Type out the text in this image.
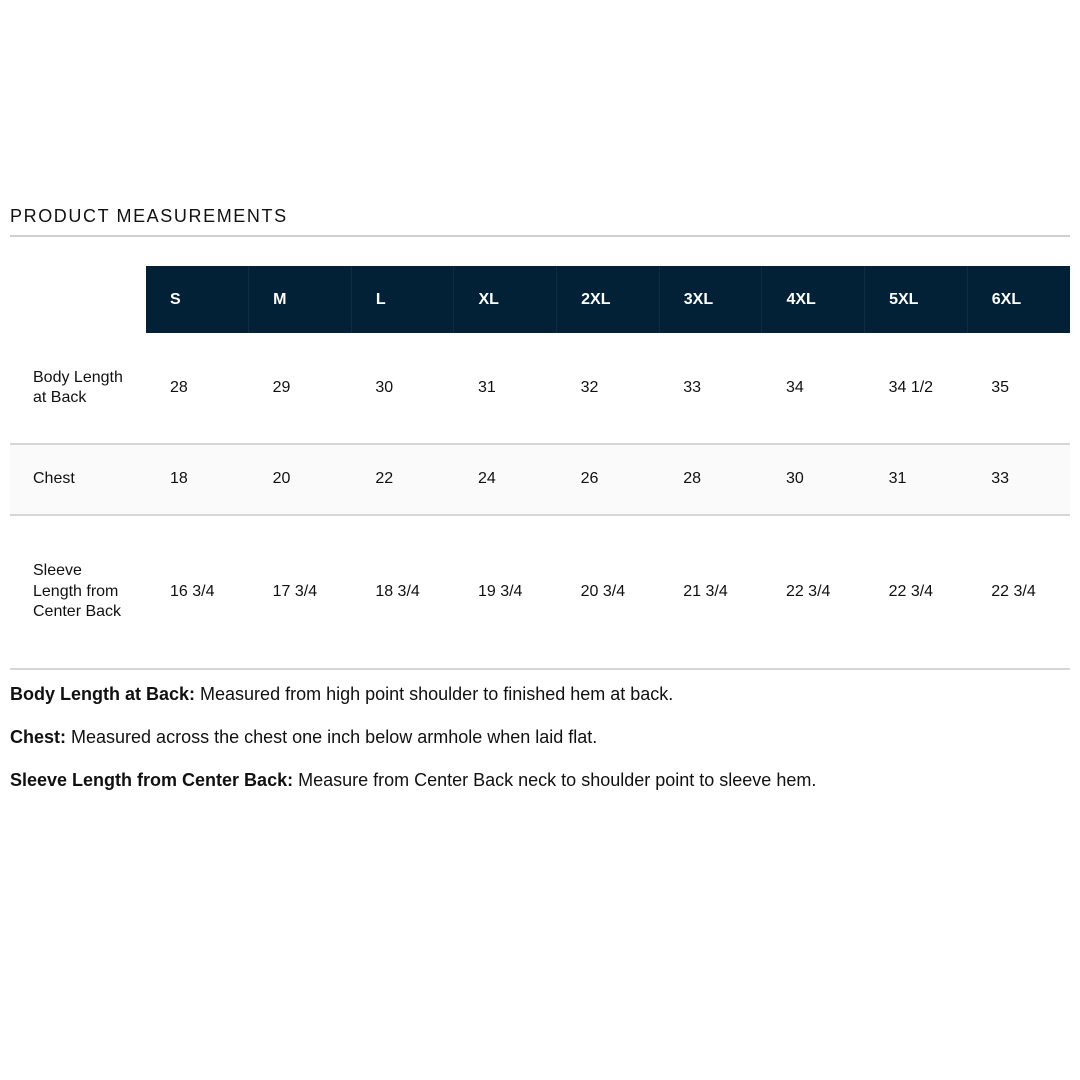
PRODUCT MEASUREMENTS
	S	M	L	XL	2XL	3XL	4XL	5XL	6XL
Body Length at Back	28	29	30	31	32	33	34	34 1/2	35
Chest	18	20	22	24	26	28	30	31	33
Sleeve Length from Center Back	16 3/4	17 3/4	18 3/4	19 3/4	20 3/4	21 3/4	22 3/4	22 3/4	22 3/4

Body Length at Back: Measured from high point shoulder to finished hem at back.

Chest: Measured across the chest one inch below armhole when laid flat.

Sleeve Length from Center Back: Measure from Center Back neck to shoulder point to sleeve hem.
